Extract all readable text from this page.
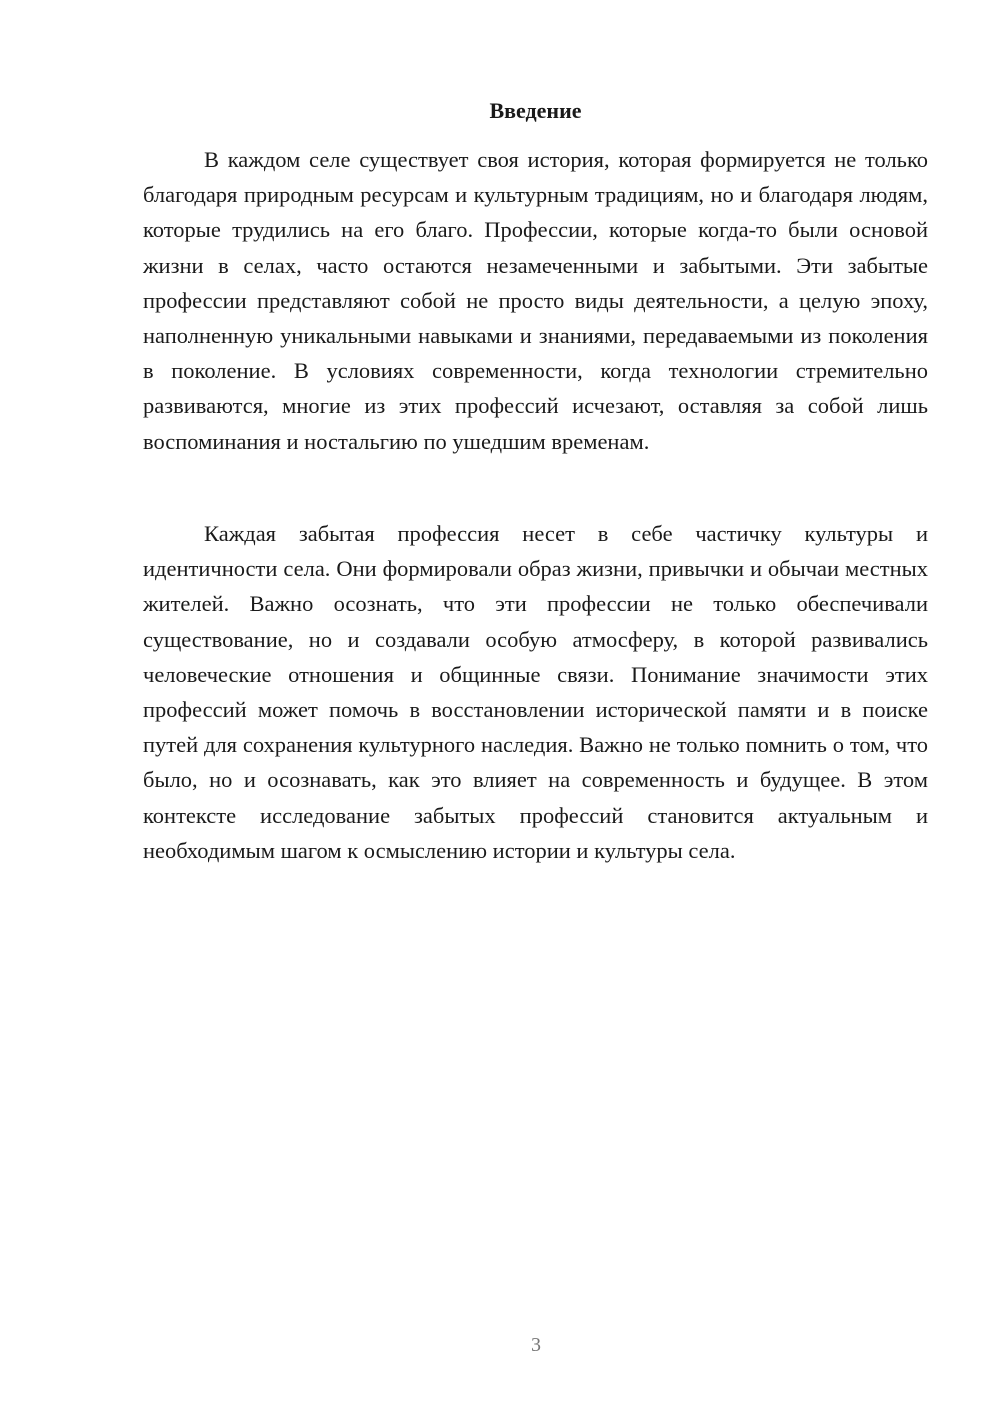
Введение

В каждом селе существует своя история, которая формируется не только благодаря природным ресурсам и культурным традициям, но и благодаря людям, которые трудились на его благо. Профессии, которые когда-то были основой жизни в селах, часто остаются незамеченными и забытыми. Эти забытые профессии представляют собой не просто виды деятельности, а целую эпоху, наполненную уникальными навыками и знаниями, передаваемыми из поколения в поколение. В условиях современности, когда технологии стремительно развиваются, многие из этих профессий исчезают, оставляя за собой лишь воспоминания и ностальгию по ушедшим временам.

Каждая забытая профессия несет в себе частичку культуры и идентичности села. Они формировали образ жизни, привычки и обычаи местных жителей. Важно осознать, что эти профессии не только обеспечивали существование, но и создавали особую атмосферу, в которой развивались человеческие отношения и общинные связи. Понимание значимости этих профессий может помочь в восстановлении исторической памяти и в поиске путей для сохранения культурного наследия. Важно не только помнить о том, что было, но и осознавать, как это влияет на современность и будущее. В этом контексте исследование забытых профессий становится актуальным и необходимым шагом к осмыслению истории и культуры села.

3
